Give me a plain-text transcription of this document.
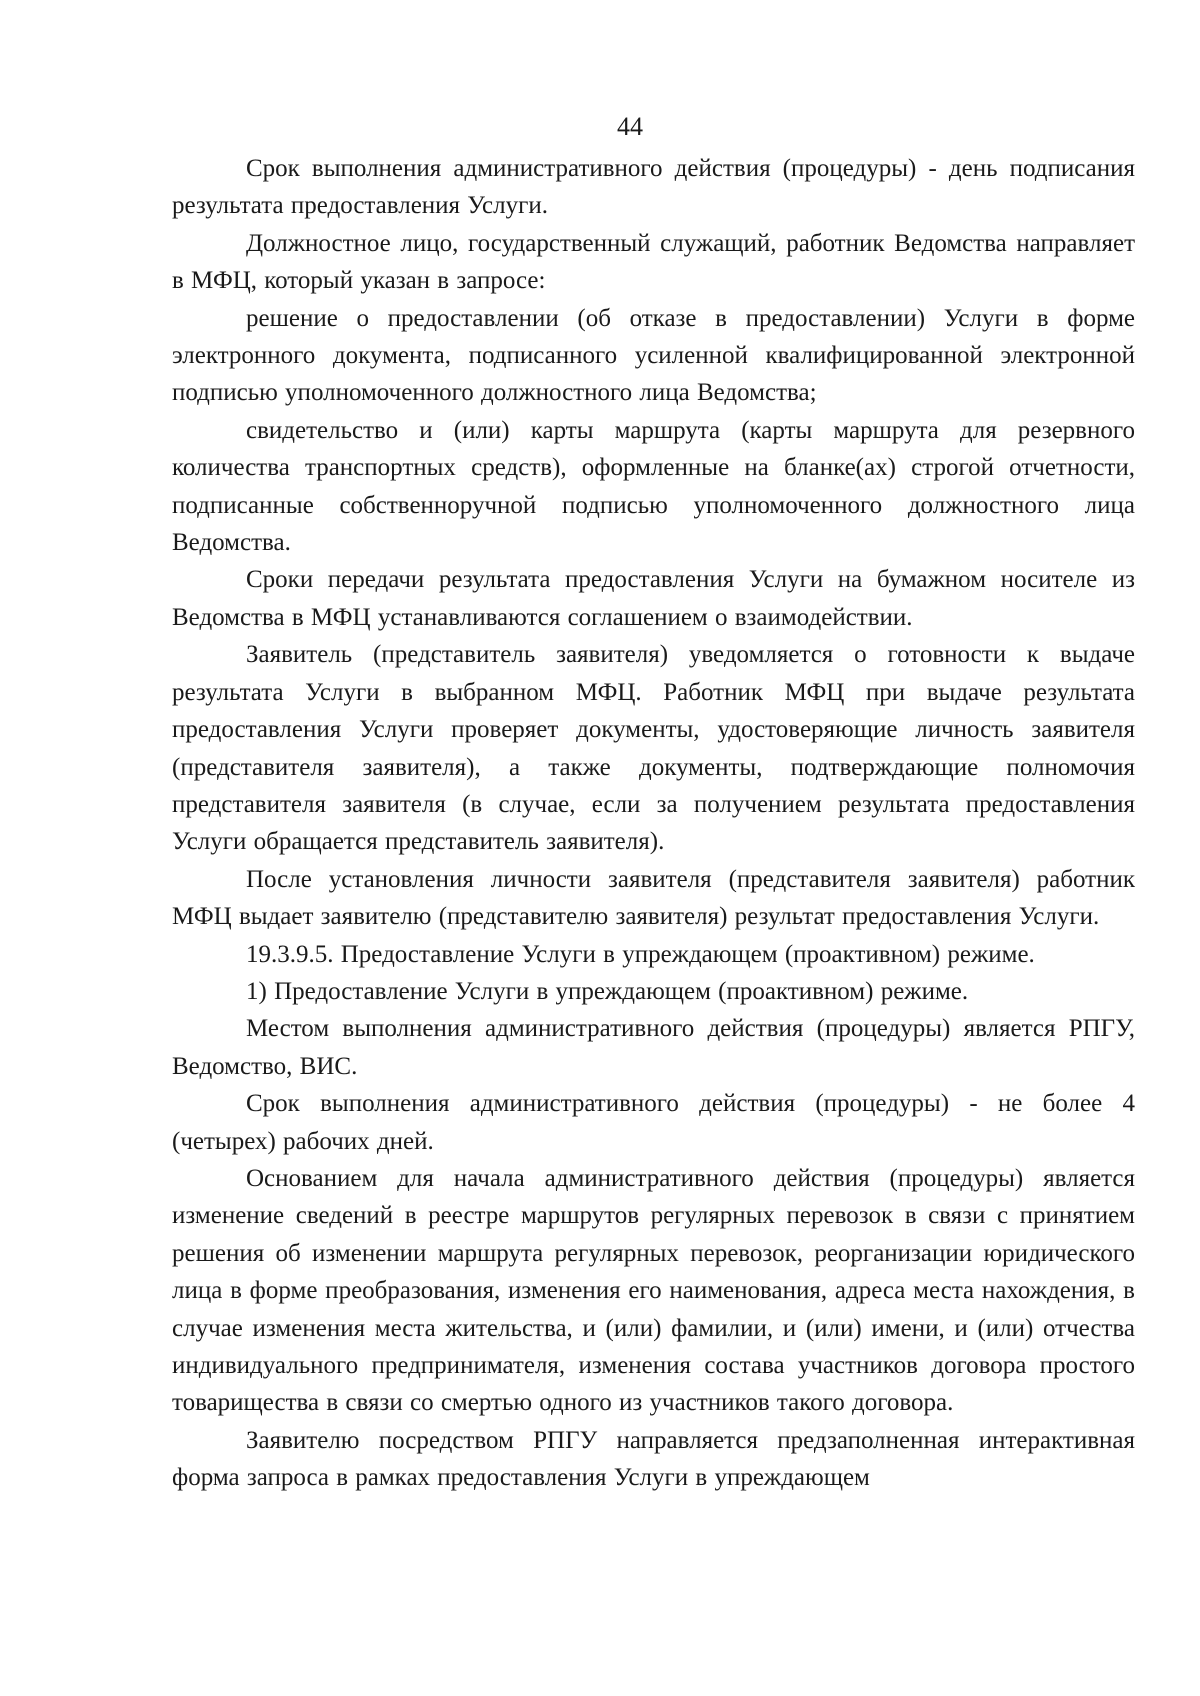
44

Срок выполнения административного действия (процедуры) - день подписания результата предоставления Услуги.

Должностное лицо, государственный служащий, работник Ведомства направляет в МФЦ, который указан в запросе:

решение о предоставлении (об отказе в предоставлении) Услуги в форме электронного документа, подписанного усиленной квалифицированной электронной подписью уполномоченного должностного лица Ведомства;

свидетельство и (или) карты маршрута (карты маршрута для резервного количества транспортных средств), оформленные на бланке(ах) строгой отчетности, подписанные собственноручной подписью уполномоченного должностного лица Ведомства.

Сроки передачи результата предоставления Услуги на бумажном носителе из Ведомства в МФЦ устанавливаются соглашением о взаимодействии.

Заявитель (представитель заявителя) уведомляется о готовности к выдаче результата Услуги в выбранном МФЦ. Работник МФЦ при выдаче результата предоставления Услуги проверяет документы, удостоверяющие личность заявителя (представителя заявителя), а также документы, подтверждающие полномочия представителя заявителя (в случае, если за получением результата предоставления Услуги обращается представитель заявителя).

После установления личности заявителя (представителя заявителя) работник МФЦ выдает заявителю (представителю заявителя) результат предоставления Услуги.

19.3.9.5. Предоставление Услуги в упреждающем (проактивном) режиме.

1) Предоставление Услуги в упреждающем (проактивном) режиме.

Местом выполнения административного действия (процедуры) является РПГУ, Ведомство, ВИС.

Срок выполнения административного действия (процедуры) - не более 4 (четырех) рабочих дней.

Основанием для начала административного действия (процедуры) является изменение сведений в реестре маршрутов регулярных перевозок в связи с принятием решения об изменении маршрута регулярных перевозок, реорганизации юридического лица в форме преобразования, изменения его наименования, адреса места нахождения, в случае изменения места жительства, и (или) фамилии, и (или) имени, и (или) отчества индивидуального предпринимателя, изменения состава участников договора простого товарищества в связи со смертью одного из участников такого договора.

Заявителю посредством РПГУ направляется предзаполненная интерактивная форма запроса в рамках предоставления Услуги в упреждающем
